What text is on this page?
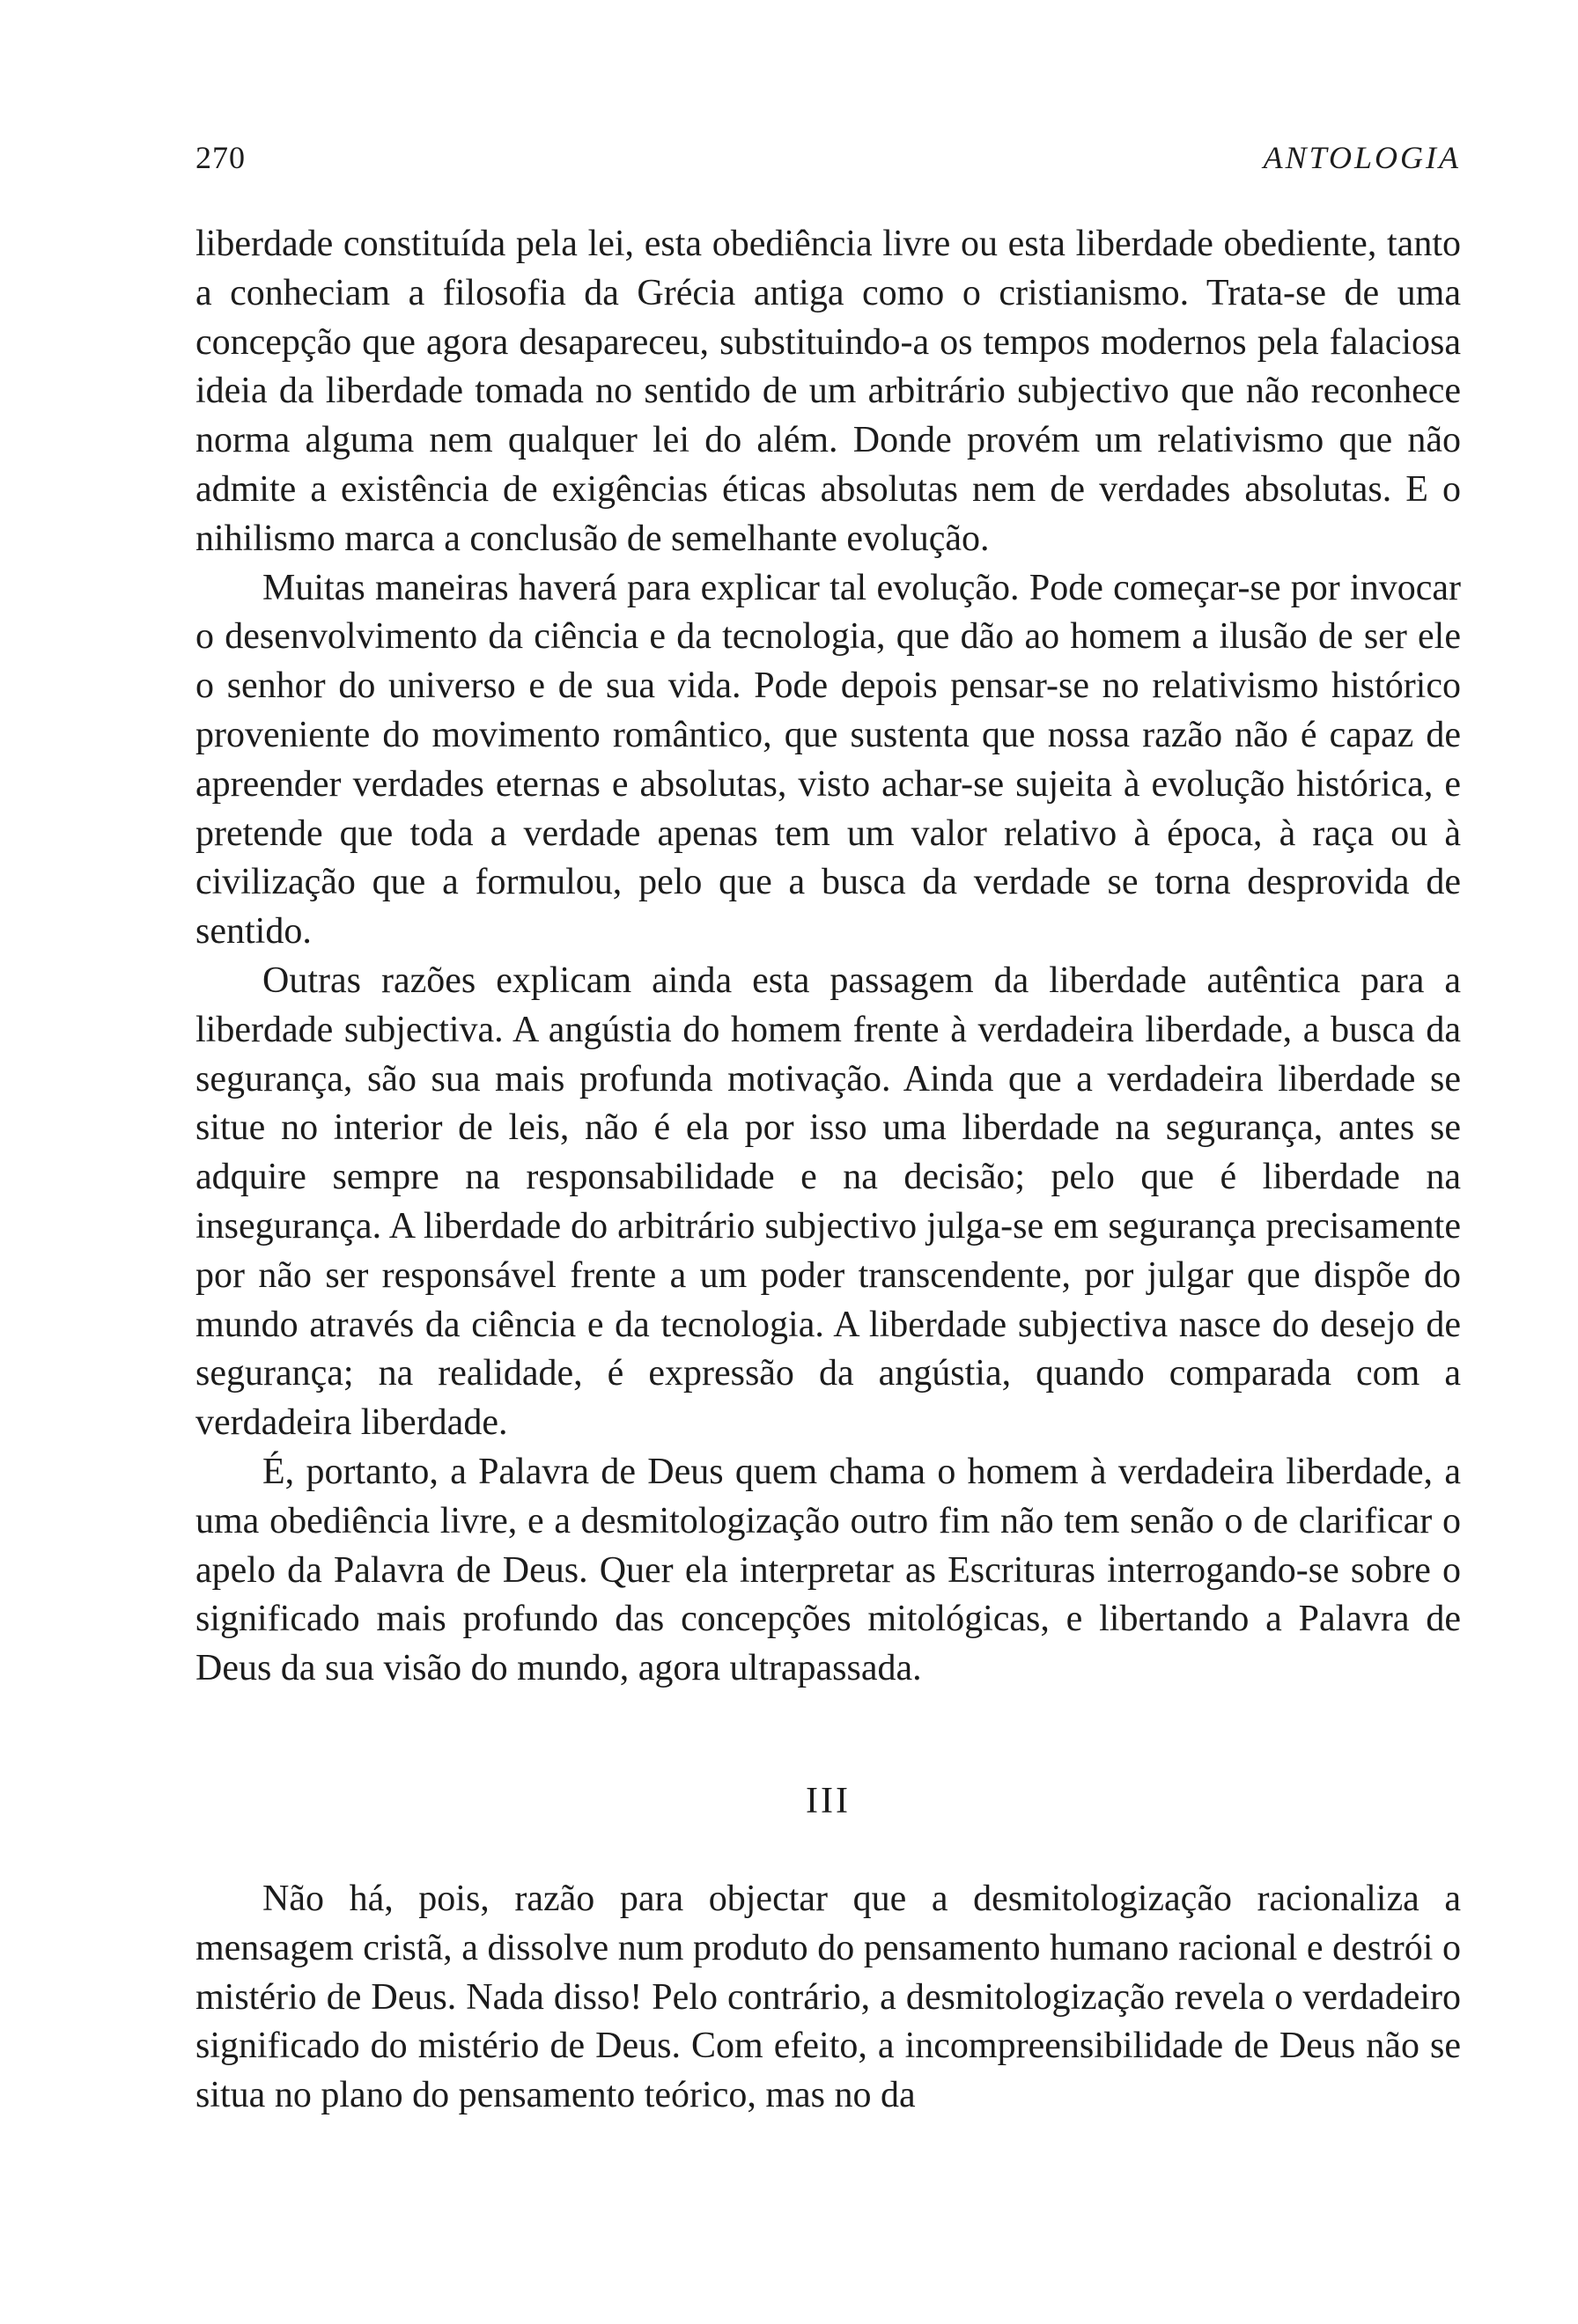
270	ANTOLOGIA

liberdade constituída pela lei, esta obediência livre ou esta liberdade obediente, tanto a conheciam a filosofia da Grécia antiga como o cristianismo. Trata-se de uma concepção que agora desapareceu, substituindo-a os tempos modernos pela falaciosa ideia da liberdade tomada no sentido de um arbitrário subjectivo que não reconhece norma alguma nem qualquer lei do além. Donde provém um relativismo que não admite a existência de exigências éticas absolutas nem de verdades absolutas. E o nihilismo marca a conclusão de semelhante evolução.

Muitas maneiras haverá para explicar tal evolução. Pode começar-se por invocar o desenvolvimento da ciência e da tecnologia, que dão ao homem a ilusão de ser ele o senhor do universo e de sua vida. Pode depois pensar-se no relativismo histórico proveniente do movimento romântico, que sustenta que nossa razão não é capaz de apreender verdades eternas e absolutas, visto achar-se sujeita à evolução histórica, e pretende que toda a verdade apenas tem um valor relativo à época, à raça ou à civilização que a formulou, pelo que a busca da verdade se torna desprovida de sentido.

Outras razões explicam ainda esta passagem da liberdade autêntica para a liberdade subjectiva. A angústia do homem frente à verdadeira liberdade, a busca da segurança, são sua mais profunda motivação. Ainda que a verdadeira liberdade se situe no interior de leis, não é ela por isso uma liberdade na segurança, antes se adquire sempre na responsabilidade e na decisão; pelo que é liberdade na insegurança. A liberdade do arbitrário subjectivo julga-se em segurança precisamente por não ser responsável frente a um poder transcendente, por julgar que dispõe do mundo através da ciência e da tecnologia. A liberdade subjectiva nasce do desejo de segurança; na realidade, é expressão da angústia, quando comparada com a verdadeira liberdade.

É, portanto, a Palavra de Deus quem chama o homem à verdadeira liberdade, a uma obediência livre, e a desmitologização outro fim não tem senão o de clarificar o apelo da Palavra de Deus. Quer ela interpretar as Escrituras interrogando-se sobre o significado mais profundo das concepções mitológicas, e libertando a Palavra de Deus da sua visão do mundo, agora ultrapassada.

III

Não há, pois, razão para objectar que a desmitologização racionaliza a mensagem cristã, a dissolve num produto do pensamento humano racional e destrói o mistério de Deus. Nada disso! Pelo contrário, a desmitologização revela o verdadeiro significado do mistério de Deus. Com efeito, a incompreensibilidade de Deus não se situa no plano do pensamento teórico, mas no da
